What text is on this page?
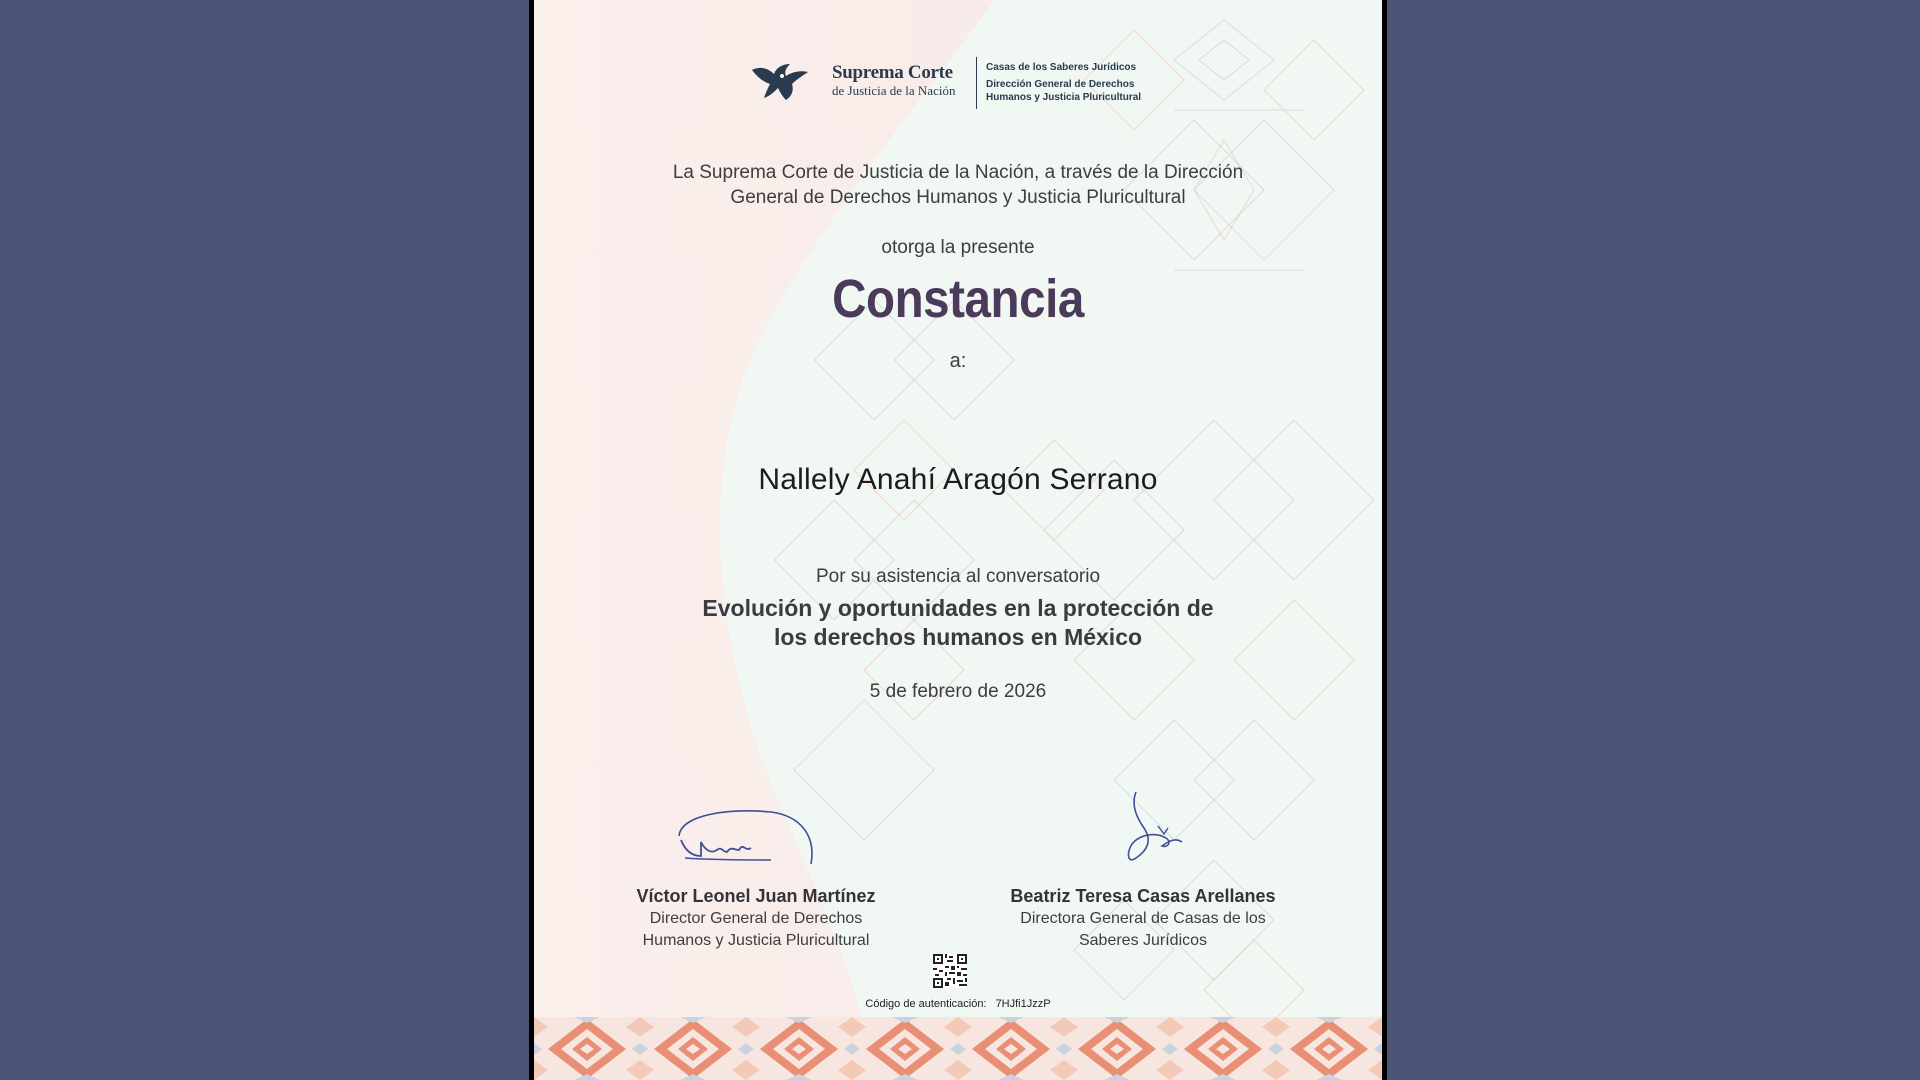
Suprema Corte
de Justicia de la Nación
Casas de los Saberes Jurídicos
Dirección General de Derechos
Humanos y Justicia Pluricultural
La Suprema Corte de Justicia de la Nación, a través de la Dirección
General de Derechos Humanos y Justicia Pluricultural
otorga la presente
Constancia
a:
Nallely Anahí Aragón Serrano
Por su asistencia al conversatorio
Evolución y oportunidades en la protección de
los derechos humanos en México
5 de febrero de 2026
Víctor Leonel Juan Martínez
Director General de Derechos
Humanos y Justicia Pluricultural
Beatriz Teresa Casas Arellanes
Directora General de Casas de los
Saberes Jurídicos
Código de autenticación: 7HJfi1JzzP
